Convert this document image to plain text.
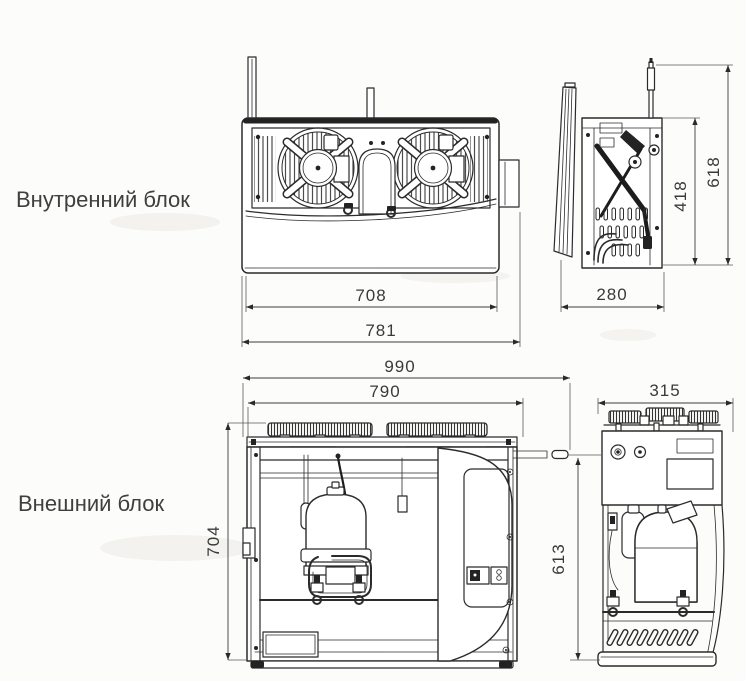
708
781
280
418
618
990
790
704
315
613
Внутренний блок
Внешний блок
